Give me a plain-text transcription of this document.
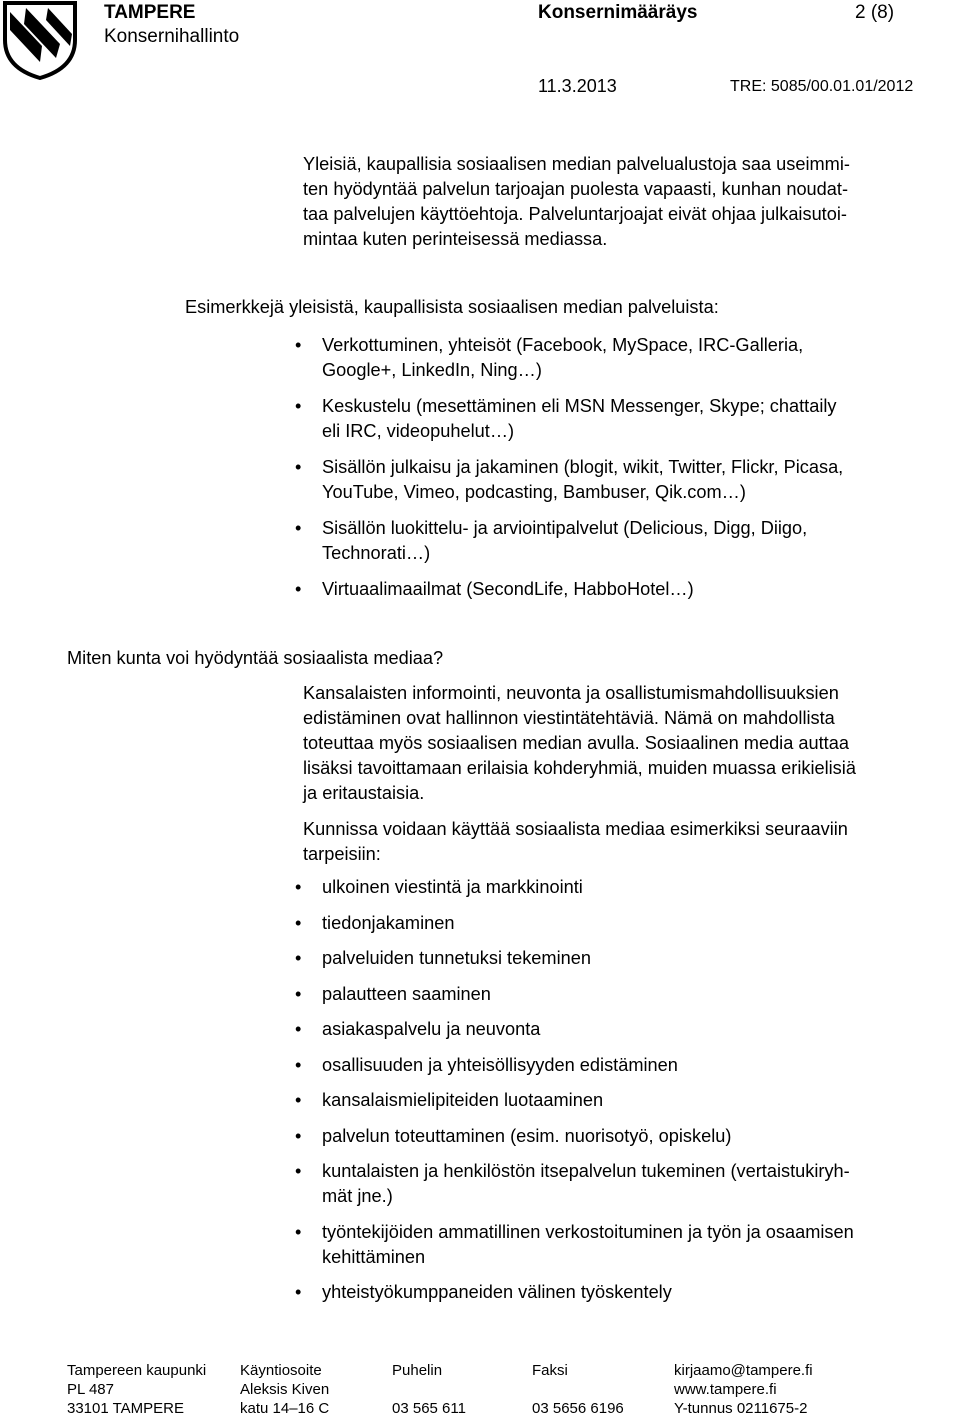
TAMPERE
Konsernihallinto
Konsernimääräys	2 (8)
11.3.2013	TRE: 5085/00.01.01/2012
Yleisiä, kaupallisia sosiaalisen median palvelualustoja saa useimmi-
ten hyödyntää palvelun tarjoajan puolesta vapaasti, kunhan noudat-
taa palvelujen käyttöehtoja. Palveluntarjoajat eivät ohjaa julkaisutoi-
mintaa kuten perinteisessä mediassa.
Esimerkkejä yleisistä, kaupallisista sosiaalisen median palveluista:
• Verkottuminen, yhteisöt (Facebook, MySpace, IRC-Galleria,
Google+, LinkedIn, Ning…)
• Keskustelu (mesettäminen eli MSN Messenger, Skype; chattaily
eli IRC, videopuhelut…)
• Sisällön julkaisu ja jakaminen (blogit, wikit, Twitter, Flickr, Picasa,
YouTube, Vimeo, podcasting, Bambuser, Qik.com…)
• Sisällön luokittelu- ja arviointipalvelut (Delicious, Digg, Diigo,
Technorati…)
• Virtuaalimaailmat (SecondLife, HabboHotel…)
Miten kunta voi hyödyntää sosiaalista mediaa?
Kansalaisten informointi, neuvonta ja osallistumismahdollisuuksien
edistäminen ovat hallinnon viestintätehtäviä. Nämä on mahdollista
toteuttaa myös sosiaalisen median avulla. Sosiaalinen media auttaa
lisäksi tavoittamaan erilaisia kohderyhmiä, muiden muassa erikielisiä
ja eritaustaisia.
Kunnissa voidaan käyttää sosiaalista mediaa esimerkiksi seuraaviin
tarpeisiin:
• ulkoinen viestintä ja markkinointi
• tiedonjakaminen
• palveluiden tunnetuksi tekeminen
• palautteen saaminen
• asiakaspalvelu ja neuvonta
• osallisuuden ja yhteisöllisyyden edistäminen
• kansalaismielipiteiden luotaaminen
• palvelun toteuttaminen (esim. nuorisotyö, opiskelu)
• kuntalaisten ja henkilöstön itsepalvelun tukeminen (vertaistukiryh-
mät jne.)
• työntekijöiden ammatillinen verkostoituminen ja työn ja osaamisen
kehittäminen
• yhteistyökumppaneiden välinen työskentely
Tampereen kaupunki
PL 487
33101 TAMPERE
Käyntiosoite
Aleksis Kiven
katu 14–16 C
Puhelin

03 565 611
Faksi

03 5656 6196
kirjaamo@tampere.fi
www.tampere.fi
Y-tunnus 0211675-2
